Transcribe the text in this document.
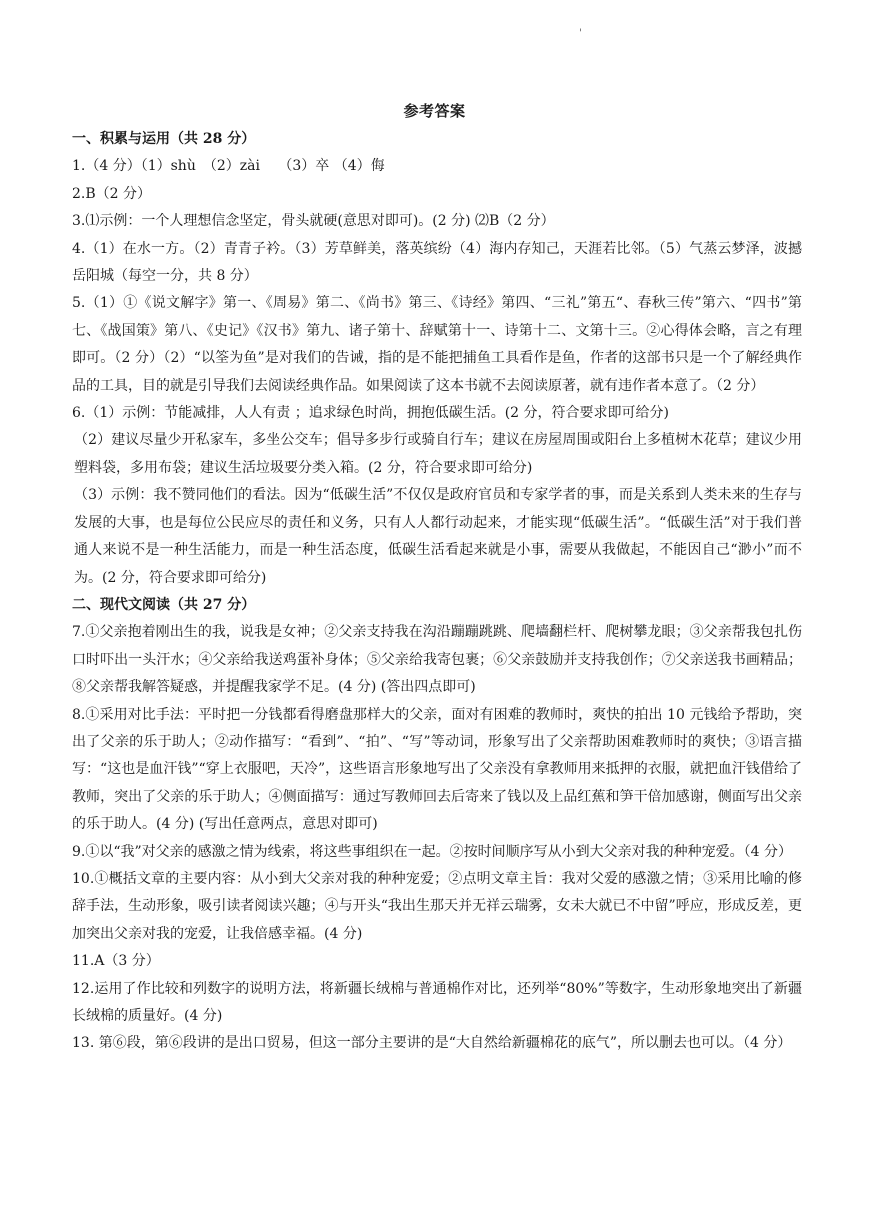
'
参考答案

一、积累与运用（共 28 分）

1.（4 分）（1）shù　（2）zài　 （3）卒 （4）侮

2.B（2 分）

3.⑴示例：一个人理想信念坚定，骨头就硬(意思对即可)。(2 分) ⑵B（2 分）

4.（1）在水一方。（2）青青子衿。（3）芳草鲜美，落英缤纷（4）海内存知己，天涯若比邻。（5）气蒸云梦泽，波撼岳阳城（每空一分，共 8 分）

5.（1）①《说文解字》第一、《周易》第二、《尚书》第三、《诗经》第四、“三礼”第五“、春秋三传”第六、“四书”第七、《战国策》第八、《史记》《汉书》第九、诸子第十、辞赋第十一、诗第十二、文第十三。②心得体会略，言之有理即可。（2 分）（2）“以筌为鱼”是对我们的告诫，指的是不能把捕鱼工具看作是鱼，作者的这部书只是一个了解经典作品的工具，目的就是引导我们去阅读经典作品。如果阅读了这本书就不去阅读原著，就有违作者本意了。（2 分）

6.（1）示例：节能减排，人人有责 ；追求绿色时尚，拥抱低碳生活。(2 分，符合要求即可给分)

（2）建议尽量少开私家车，多坐公交车；倡导多步行或骑自行车；建议在房屋周围或阳台上多植树木花草；建议少用塑料袋，多用布袋；建议生活垃圾要分类入箱。(2 分，符合要求即可给分)

（3）示例：我不赞同他们的看法。因为“低碳生活”不仅仅是政府官员和专家学者的事，而是关系到人类未来的生存与发展的大事，也是每位公民应尽的责任和义务，只有人人都行动起来，才能实现“低碳生活”。“低碳生活”对于我们普通人来说不是一种生活能力，而是一种生活态度，低碳生活看起来就是小事，需要从我做起，不能因自己“渺小”而不为。(2 分，符合要求即可给分)

二、现代文阅读（共 27 分）

7.①父亲抱着刚出生的我，说我是女神；②父亲支持我在沟沿蹦蹦跳跳、爬墙翻栏杆、爬树攀龙眼；③父亲帮我包扎伤口时吓出一头汗水；④父亲给我送鸡蛋补身体；⑤父亲给我寄包裹；⑥父亲鼓励并支持我创作；⑦父亲送我书画精品；⑧父亲帮我解答疑惑，并提醒我家学不足。(4 分) (答出四点即可)

8.①采用对比手法：平时把一分钱都看得磨盘那样大的父亲，面对有困难的教师时，爽快的拍出 10 元钱给予帮助，突出了父亲的乐于助人；②动作描写：“看到”、“拍”、“写”等动词，形象写出了父亲帮助困难教师时的爽快；③语言描写：“这也是血汗钱”“穿上衣服吧，天冷”，这些语言形象地写出了父亲没有拿教师用来抵押的衣服，就把血汗钱借给了教师，突出了父亲的乐于助人；④侧面描写：通过写教师回去后寄来了钱以及上品红蕉和笋干倍加感谢，侧面写出父亲的乐于助人。(4 分) (写出任意两点，意思对即可)

9.①以“我”对父亲的感激之情为线索，将这些事组织在一起。②按时间顺序写从小到大父亲对我的种种宠爱。（4 分）

10.①概括文章的主要内容：从小到大父亲对我的种种宠爱；②点明文章主旨：我对父爱的感激之情；③采用比喻的修辞手法，生动形象，吸引读者阅读兴趣；④与开头“我出生那天并无祥云瑞雾，女未大就已不中留”呼应，形成反差，更加突出父亲对我的宠爱，让我倍感幸福。(4 分)

11.A（3 分）

12.运用了作比较和列数字的说明方法，将新疆长绒棉与普通棉作对比，还列举“80%”等数字，生动形象地突出了新疆长绒棉的质量好。(4 分)

13. 第⑥段，第⑥段讲的是出口贸易，但这一部分主要讲的是“大自然给新疆棉花的底气”，所以删去也可以。（4 分）
